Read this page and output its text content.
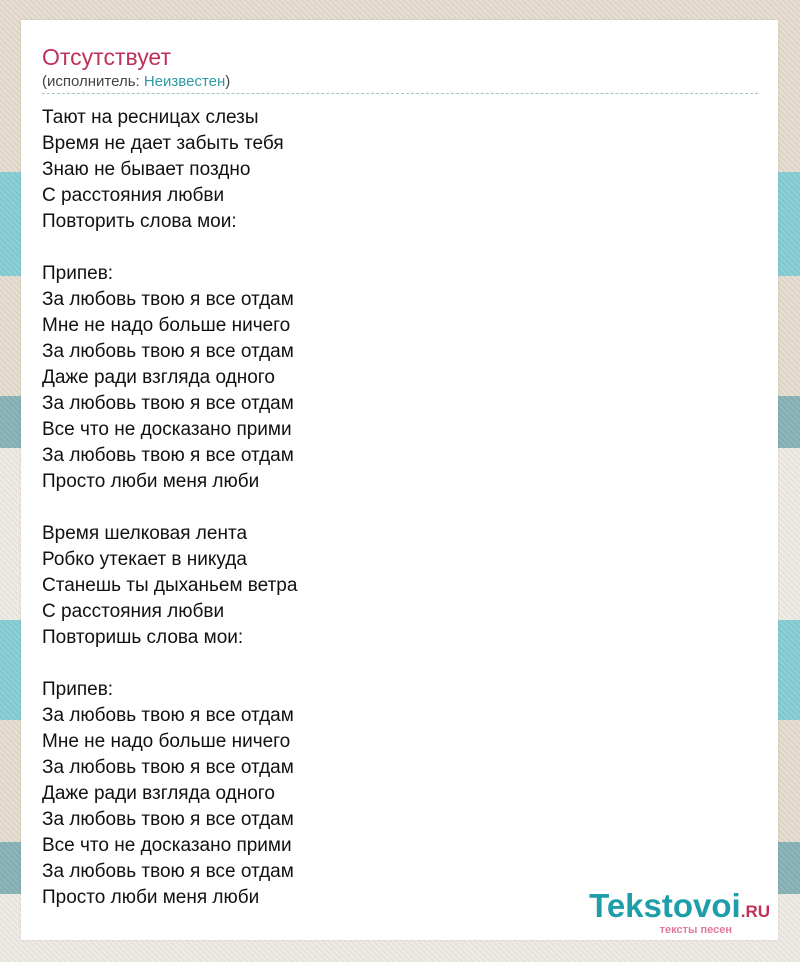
Отсутствует
(исполнитель: Неизвестен)
Тают на ресницах слезы
Время не дает забыть тебя
Знаю не бывает поздно
С расстояния любви
Повторить слова мои:
Припев:
За любовь твою я все отдам
Мне не надо больше ничего
За любовь твою я все отдам
Даже ради взгляда одного
За любовь твою я все отдам
Все что не досказано прими
За любовь твою я все отдам
Просто люби меня люби
Время шелковая лента
Робко утекает в никуда
Станешь ты дыханьем ветра
С расстояния любви
Повторишь слова мои:
Припев:
За любовь твою я все отдам
Мне не надо больше ничего
За любовь твою я все отдам
Даже ради взгляда одного
За любовь твою я все отдам
Все что не досказано прими
За любовь твою я все отдам
Просто люби меня люби	Tekstovoi.RU
тексты песен
